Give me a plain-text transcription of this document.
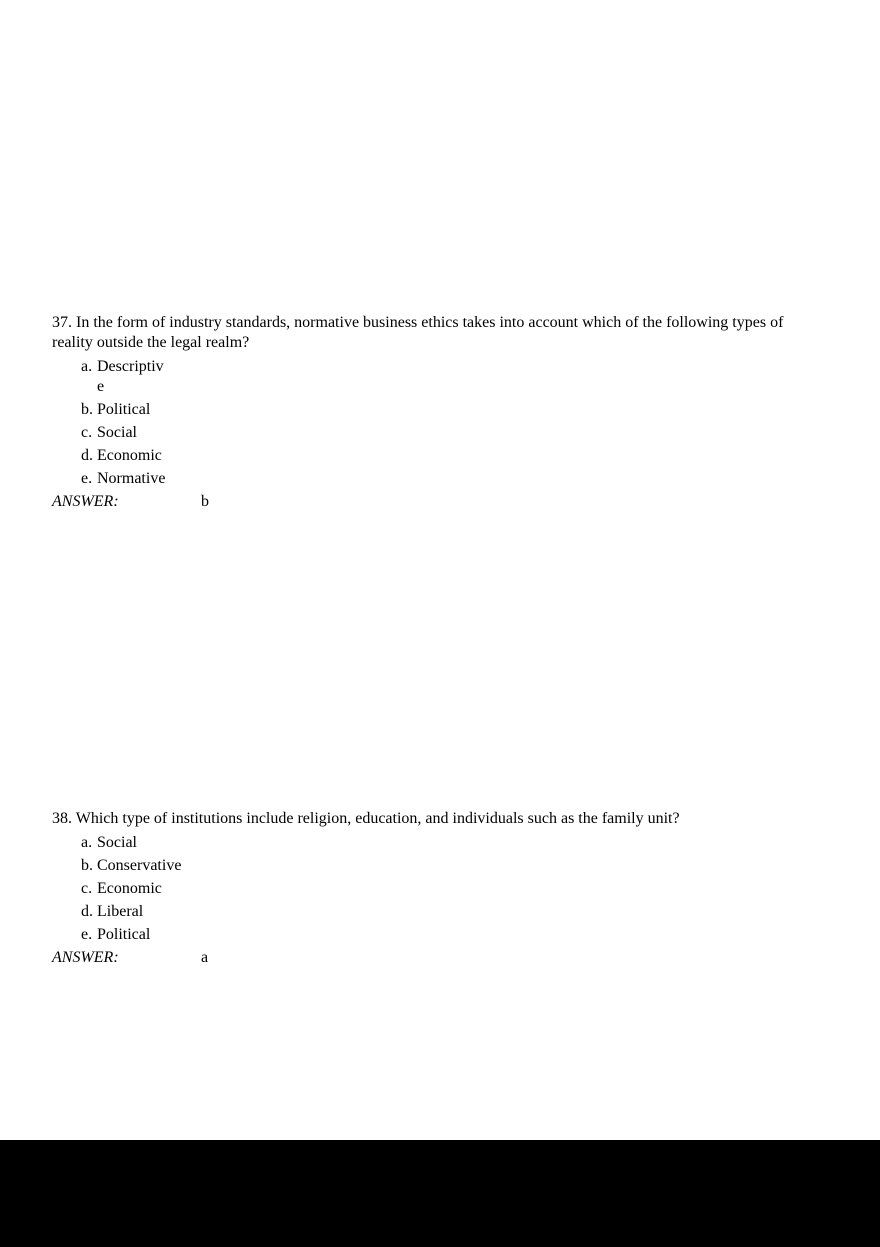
37. In the form of industry standards, normative business ethics takes into account which of the following types of reality outside the legal realm?

a. Descriptive
b. Political
c. Social
d. Economic
e. Normative
ANSWER:	b

38. Which type of institutions include religion, education, and individuals such as the family unit?

a. Social
b. Conservative
c. Economic
d. Liberal
e. Political
ANSWER:	a
